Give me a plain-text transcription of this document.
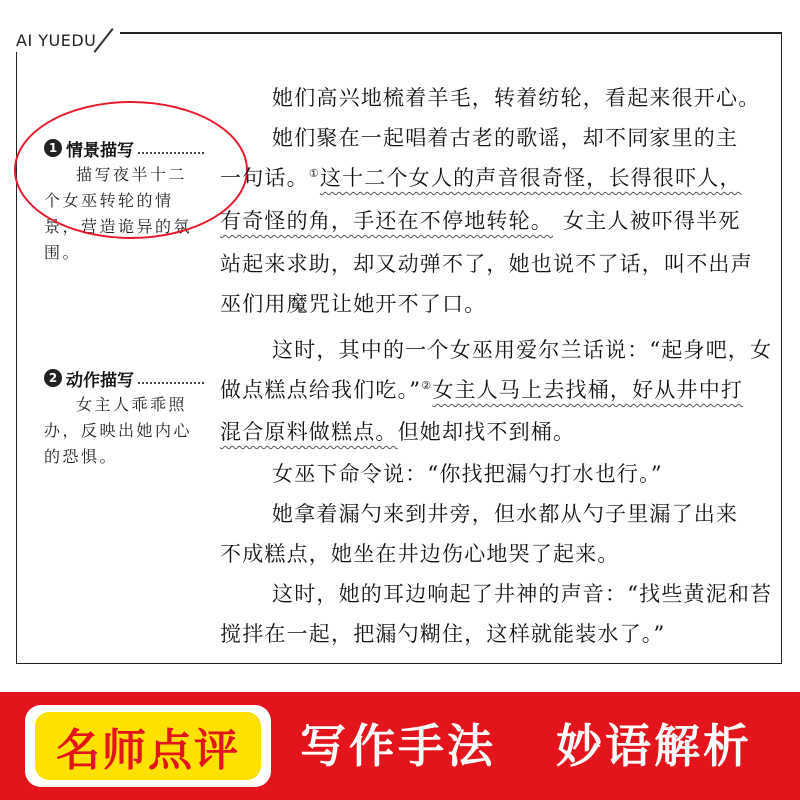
AI YUEDU
1 情景描写
描写夜半十二个女巫转轮的情景，营造诡异的氛围。
2 动作描写
女主人乖乖照办，反映出她内心的恐惧。
她们高兴地梳着羊毛，转着纺轮，看起来很开心。
她们聚在一起唱着古老的歌谣，却不同家里的主
一句话。①这十二个女人的声音很奇怪，长得很吓人，
有奇怪的角，手还在不停地转轮。 女主人被吓得半死
站起来求助，却又动弹不了，她也说不了话，叫不出声
巫们用魔咒让她开不了口。
这时，其中的一个女巫用爱尔兰话说：“起身吧，女
做点糕点给我们吃。”②女主人马上去找桶，好从井中打
混合原料做糕点。但她却找不到桶。
女巫下命令说：“你找把漏勺打水也行。”
她拿着漏勺来到井旁，但水都从勺子里漏了出来
不成糕点，她坐在井边伤心地哭了起来。
这时，她的耳边响起了井神的声音：“找些黄泥和苔
搅拌在一起，把漏勺糊住，这样就能装水了。”
名师点评 写作手法 妙语解析
